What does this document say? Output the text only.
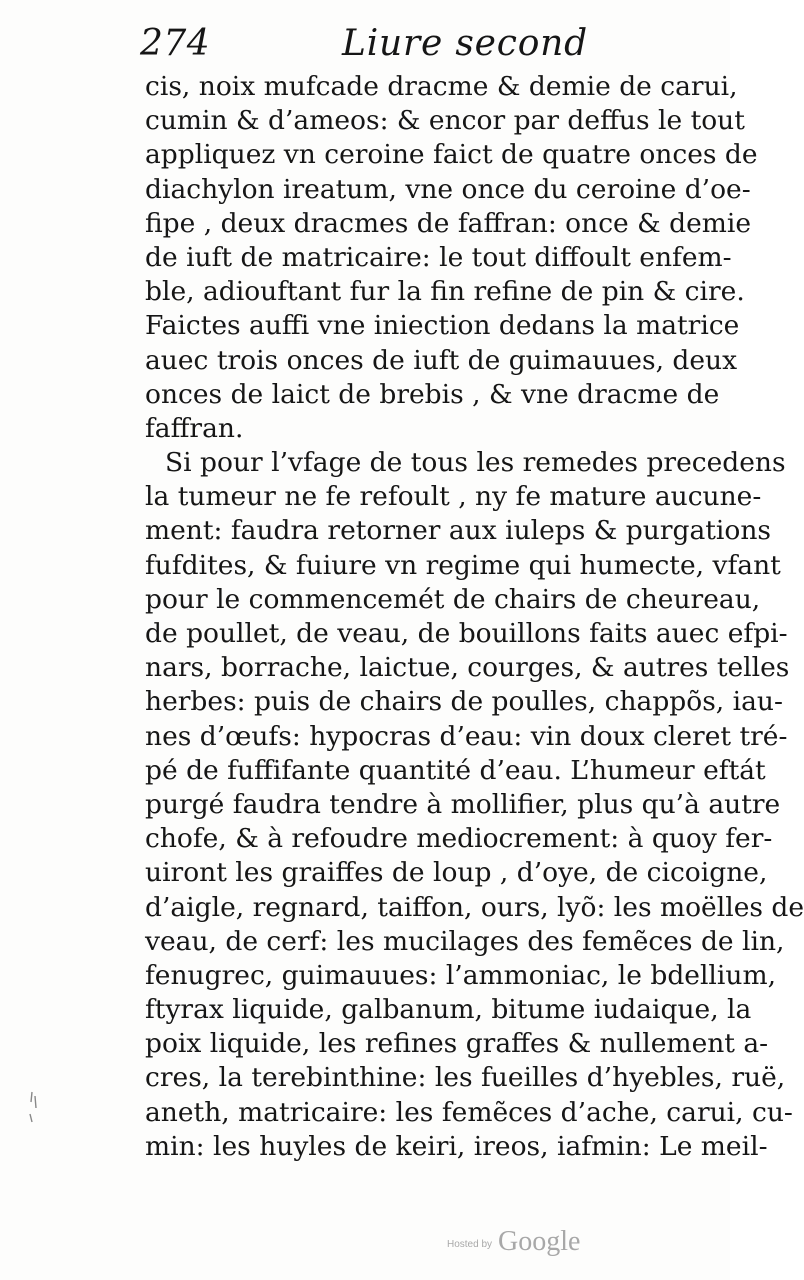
274	Liure second
cis, noix mufcade dracme & demie de carui,
cumin & d’ameos: & encor par deffus le tout
appliquez vn ceroine faict de quatre onces de
diachylon ireatum, vne once du ceroine d’oe-
fipe , deux dracmes de faffran: once & demie
de iuft de matricaire: le tout diffoult enfem-
ble, adiouftant fur la fin refine de pin & cire.
Faictes auffi vne iniection dedans la matrice
auec trois onces de iuft de guimauues, deux
onces de laict de brebis , & vne dracme de
faffran.
Si pour l’vfage de tous les remedes precedens
la tumeur ne fe refoult , ny fe mature aucune-
ment: faudra retorner aux iuleps & purgations
fufdites, & fuiure vn regime qui humecte, vfant
pour le commencemét de chairs de cheureau,
de poullet, de veau, de bouillons faits auec efpi-
nars, borrache, laictue, courges, & autres telles
herbes: puis de chairs de poulles, chappõs, iau-
nes d’œufs: hypocras d’eau: vin doux cleret tré-
pé de fuffifante quantité d’eau. L’humeur eftát
purgé faudra tendre à mollifier, plus qu’à autre
chofe, & à refoudre mediocrement: à quoy fer-
uiront les graiffes de loup , d’oye, de cicoigne,
d’aigle, regnard, taiffon, ours, lyõ: les moëlles de
veau, de cerf: les mucilages des femẽces de lin,
fenugrec, guimauues: l’ammoniac, le bdellium,
ftyrax liquide, galbanum, bitume iudaique, la
poix liquide, les refines graffes & nullement a-
cres, la terebinthine: les fueilles d’hyebles, ruë,
aneth, matricaire: les femẽces d’ache, carui, cu-
min: les huyles de keiri, ireos, iafmin: Le meil-
Hosted by Google
